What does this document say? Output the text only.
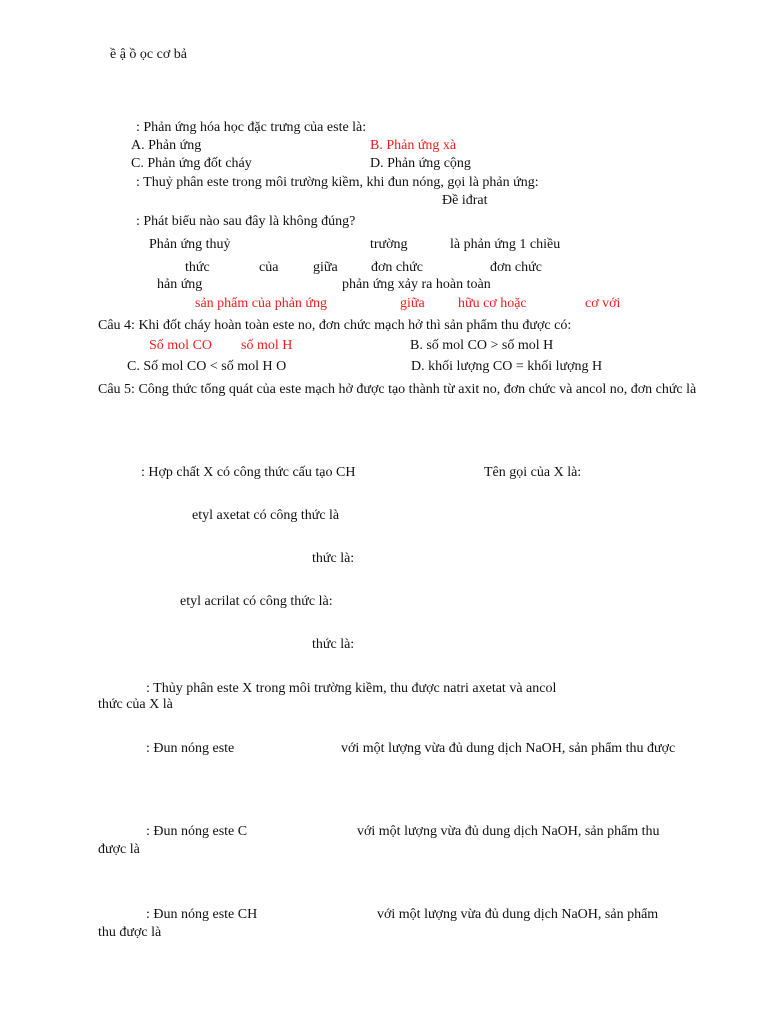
ề ậ ồ ọc cơ bả
: Phản ứng hóa học đặc trưng của este là:
A. Phản ứng	B. Phản ứng xà
C. Phản ứng đốt cháy	D. Phản ứng cộng
: Thuỷ phân este trong môi trường kiềm, khi đun nóng, gọi là phản ứng:
Đề iđrat
: Phát biểu nào sau đây là không đúng?
Phản ứng thuỷ	trường	là phản ứng 1 chiều
thức	của giữa đơn chức	đơn chức
hản ứng	phản ứng xảy ra hoàn toàn
sản phẩm của phản ứng	giữa hữu cơ hoặc	cơ với
Câu 4: Khi đốt cháy hoàn toàn este no, đơn chức mạch hở thì sản phẩm thu được có:
Số mol CO số mol H	B. số mol CO > số mol H
C. Số mol CO < số mol H O	D. khối lượng CO = khối lượng H
Câu 5: Công thức tổng quát của este mạch hở được tạo thành từ axit no, đơn chức và ancol no, đơn chức là
: Hợp chất X có công thức cấu tạo CH	Tên gọi của X là:
etyl axetat có công thức là
thức là:
etyl acrilat có công thức là:
thức là:
: Thủy phân este X trong môi trường kiềm, thu được natri axetat và ancol
thức của X là
: Đun nóng este	với một lượng vừa đủ dung dịch NaOH, sản phẩm thu được
: Đun nóng este C	với một lượng vừa đủ dung dịch NaOH, sản phẩm thu
được là
: Đun nóng este CH	với một lượng vừa đủ dung dịch NaOH, sản phẩm
thu được là
